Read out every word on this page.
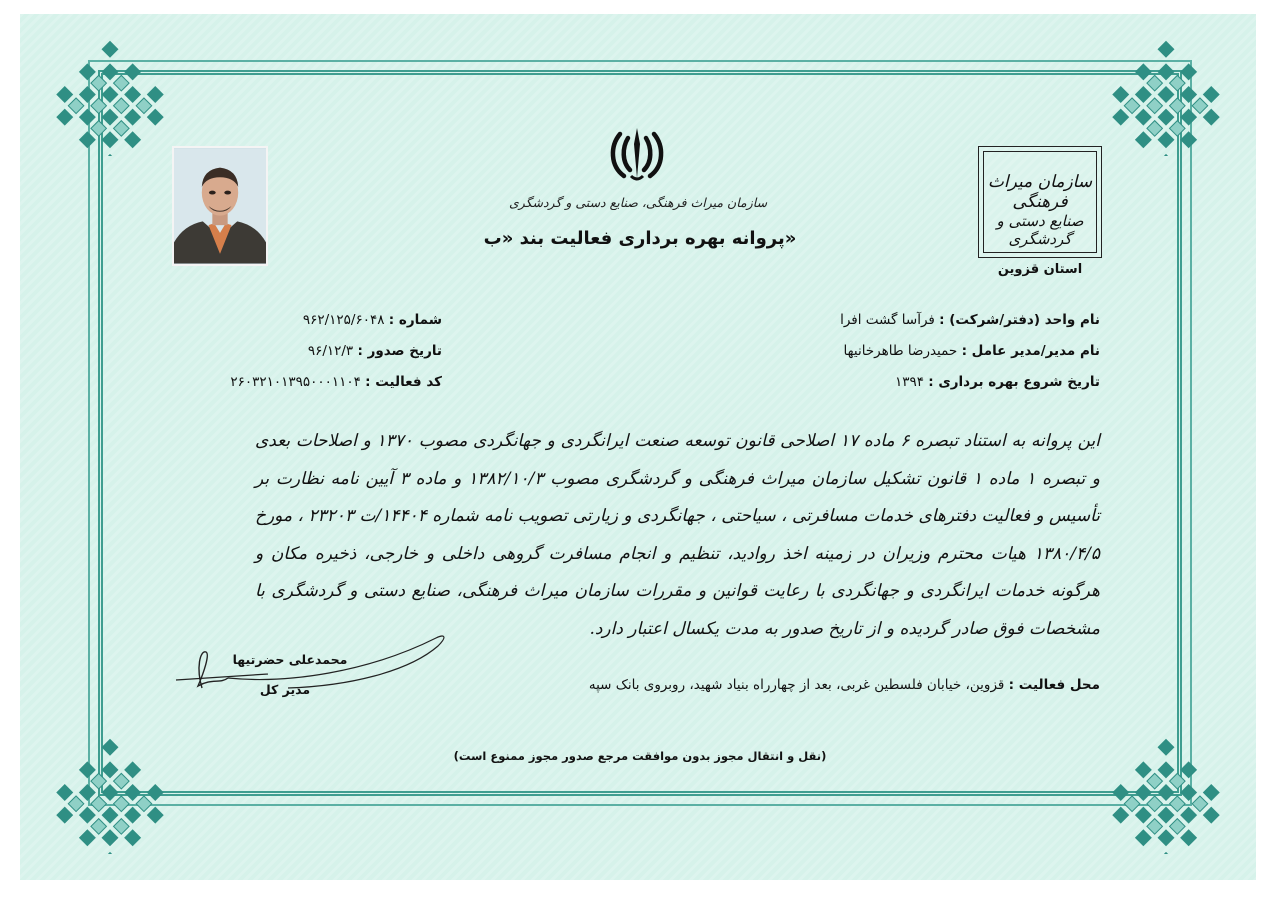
سازمان میراث فرهنگی، صنایع دستی و گردشگری
پروانه بهره برداری فعالیت بند «ب»
سازمان میراث فرهنگی
صنایع دستی و گردشگری
استان قزوین
نام واحد (دفتر/شرکت) : فرآسا گشت افرا
نام مدیر/مدیر عامل : حمیدرضا طاهرخانیها
تاریخ شروع بهره برداری : ۱۳۹۴
شماره : ۹۶۲/۱۲۵/۶۰۴۸
تاریخ صدور : ۹۶/۱۲/۳
کد فعالیت : ۲۶۰۳۲۱۰۱۳۹۵۰۰۰۱۱۰۴
این پروانه به استناد تبصره ۶ ماده ۱۷ اصلاحی قانون توسعه صنعت ایرانگردی و جهانگردی مصوب ۱۳۷۰ و اصلاحات بعدی و تبصره ۱ ماده ۱ قانون تشکیل سازمان میراث فرهنگی و گردشگری مصوب ۱۳۸۲/۱۰/۳ و ماده ۳ آیین نامه نظارت بر تأسیس و فعالیت دفترهای خدمات مسافرتی ، سیاحتی ، جهانگردی و زیارتی تصویب نامه شماره ۱۴۴۰۴/ت ۲۳۲۰۳ ، مورخ ۱۳۸۰/۴/۵ هیات محترم وزیران در زمینه اخذ روادید، تنظیم و انجام مسافرت گروهی داخلی و خارجی، ذخیره مکان و هرگونه خدمات ایرانگردی و جهانگردی با رعایت قوانین و مقررات سازمان میراث فرهنگی، صنایع دستی و گردشگری با مشخصات فوق صادر گردیده و از تاریخ صدور به مدت یکسال اعتبار دارد.
محمدعلی حضرتیها
مدیر کل	محل فعالیت : قزوین، خیابان فلسطین غربی، بعد از چهارراه بنیاد شهید، روبروی بانک سپه
(نقل و انتقال مجوز بدون موافقت مرجع صدور مجوز ممنوع است)
